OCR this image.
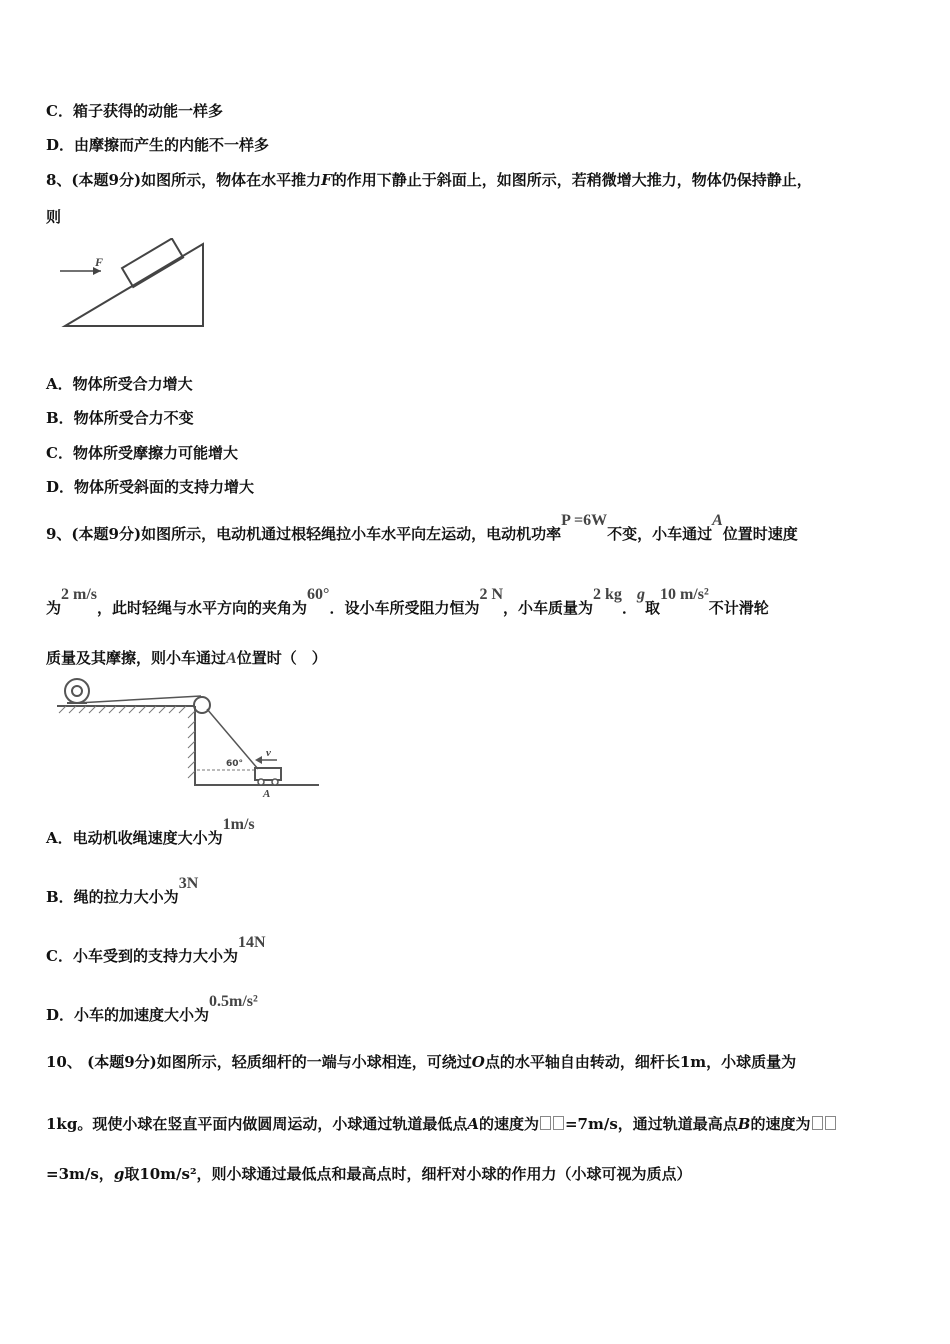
C．箱子获得的动能一样多
D．由摩擦而产生的内能不一样多
8、(本题9分)如图所示，物体在水平推力F的作用下静止于斜面上，如图所示，若稍微增大推力，物体仍保持静止，
则
F
A．物体所受合力增大
B．物体所受合力不变
C．物体所受摩擦力可能增大
D．物体所受斜面的支持力增大
9、(本题9分)如图所示，电动机通过根轻绳拉小车水平向左运动，电动机功率P =6W不变，小车通过A位置时速度
为2 m/s，此时轻绳与水平方向的夹角为60°．设小车所受阻力恒为2 N，小车质量为2 kg．g取10 m/s²不计滑轮
质量及其摩擦，则小车通过A位置时（　）
60°
v
A
A．电动机收绳速度大小为1m/s
B．绳的拉力大小为3N
C．小车受到的支持力大小为14N
D．小车的加速度大小为0.5m/s²
10、 (本题9分)如图所示，轻质细杆的一端与小球相连，可绕过O点的水平轴自由转动，细杆长1m，小球质量为
1kg。现使小球在竖直平面内做圆周运动，小球通过轨道最低点A的速度为 =7m/s，通过轨道最高点B的速度为
=3m/s，g取10m/s²，则小球通过最低点和最高点时，细杆对小球的作用力（小球可视为质点）
